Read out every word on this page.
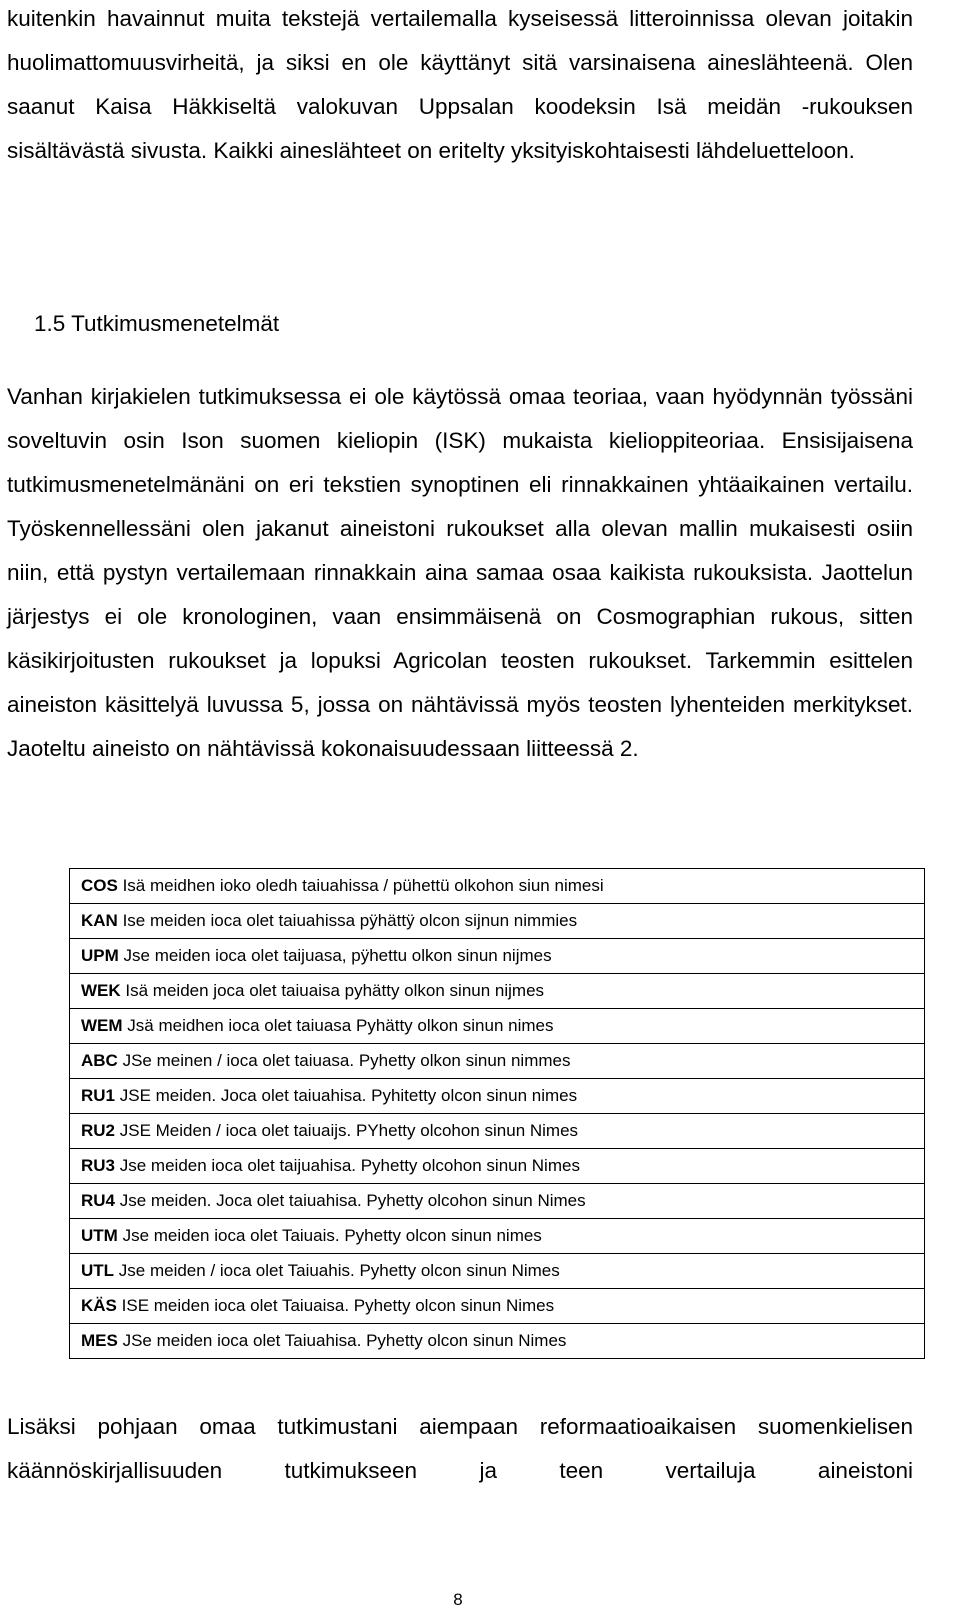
kuitenkin havainnut muita tekstejä vertailemalla kyseisessä litteroinnissa olevan joitakin huolimattomuusvirheitä, ja siksi en ole käyttänyt sitä varsinaisena aineslähteenä. Olen saanut Kaisa Häkkiseltä valokuvan Uppsalan koodeksin Isä meidän -rukouksen sisältävästä sivusta. Kaikki aineslähteet on eritelty yksityiskohtaisesti lähdeluetteloon.

1.5 Tutkimusmenetelmät

Vanhan kirjakielen tutkimuksessa ei ole käytössä omaa teoriaa, vaan hyödynnän työssäni soveltuvin osin Ison suomen kieliopin (ISK) mukaista kielioppiteoriaa. Ensisijaisena tutkimusmenetelmänäni on eri tekstien synoptinen eli rinnakkainen yhtäaikainen vertailu. Työskennellessäni olen jakanut aineistoni rukoukset alla olevan mallin mukaisesti osiin niin, että pystyn vertailemaan rinnakkain aina samaa osaa kaikista rukouksista. Jaottelun järjestys ei ole kronologinen, vaan ensimmäisenä on Cosmographian rukous, sitten käsikirjoitusten rukoukset ja lopuksi Agricolan teosten rukoukset. Tarkemmin esittelen aineiston käsittelyä luvussa 5, jossa on nähtävissä myös teosten lyhenteiden merkitykset. Jaoteltu aineisto on nähtävissä kokonaisuudessaan liitteessä 2.

COS Isä meidhen ioko oledh taiuahissa / pühettü olkohon siun nimesi
KAN Ise meiden ioca olet taiuahissa pÿhättÿ olcon sijnun nimmies
UPM Jse meiden ioca olet taijuasa, pÿhettu olkon sinun nijmes
WEK Isä meiden joca olet taiuaisa pyhätty olkon sinun nijmes
WEM Jsä meidhen ioca olet taiuasa Pyhätty olkon sinun nimes
ABC JSe meinen / ioca olet taiuasa. Pyhetty olkon sinun nimmes
RU1 JSE meiden. Joca olet taiuahisa. Pyhitetty olcon sinun nimes
RU2 JSE Meiden / ioca olet taiuaijs. PYhetty olcohon sinun Nimes
RU3 Jse meiden ioca olet taijuahisa. Pyhetty olcohon sinun Nimes
RU4 Jse meiden. Joca olet taiuahisa. Pyhetty olcohon sinun Nimes
UTM Jse meiden ioca olet Taiuais. Pyhetty olcon sinun nimes
UTL Jse meiden / ioca olet Taiuahis. Pyhetty olcon sinun Nimes
KÄS ISE meiden ioca olet Taiuaisa. Pyhetty olcon sinun Nimes
MES JSe meiden ioca olet Taiuahisa. Pyhetty olcon sinun Nimes

Lisäksi pohjaan omaa tutkimustani aiempaan reformaatioaikaisen suomenkielisen käännöskirjallisuuden tutkimukseen ja teen vertailuja aineistoni

8
